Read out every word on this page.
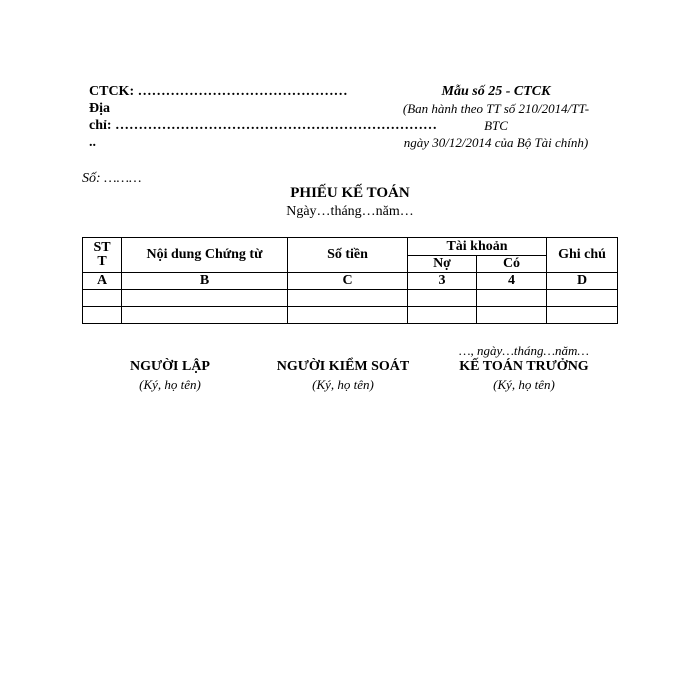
CTCK: ………………………………………
Địa
chỉ: ……………………………………………………………
..
Mẫu số 25 - CTCK
(Ban hành theo TT số 210/2014/TT-
BTC
ngày 30/12/2014 của Bộ Tài chính)
Số: ………
PHIẾU KẾ TOÁN
Ngày…tháng…năm…
ST T	Nội dung Chứng từ	Số tiền	Tài khoản		Ghi chú
			Nợ	Có	
A	B	C	3	4	D

…, ngày…tháng…năm…
NGƯỜI LẬP
(Ký, họ tên)
NGƯỜI KIỂM SOÁT
(Ký, họ tên)
KẾ TOÁN TRƯỞNG
(Ký, họ tên)
